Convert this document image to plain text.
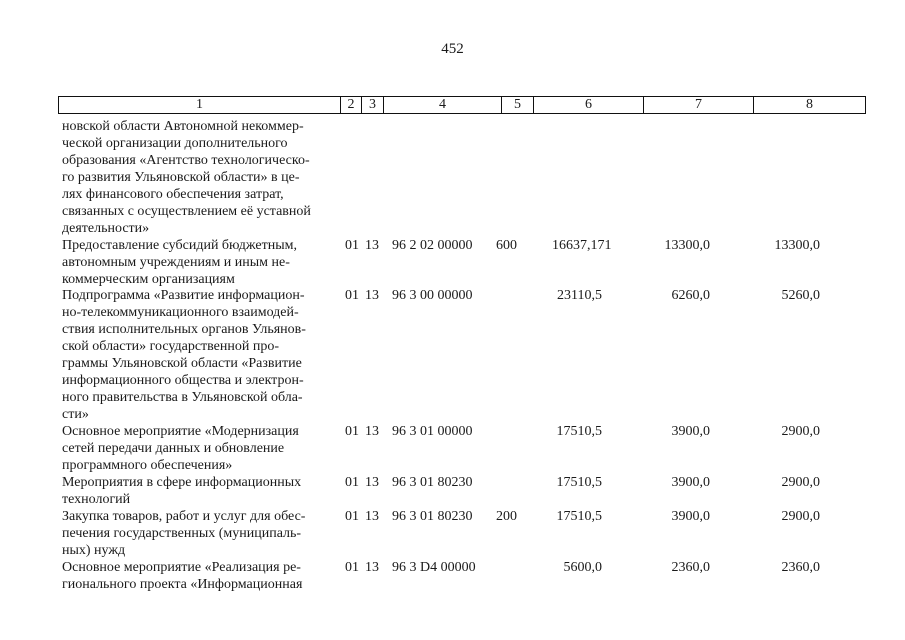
452
1	2	3	4	5	6	7	8
новской области Автономной некоммер-
ческой организации дополнительного
образования «Агентство технологическо-
го развития Ульяновской области» в це-
лях финансового обеспечения затрат,
связанных с осуществлением её уставной
деятельности»
Предоставление субсидий бюджетным,
автономным учреждениям и иным не-
коммерческим организациям
01 13 96 2 02 00000 600	16637,171	13300,0	13300,0
Подпрограмма «Развитие информацион-
но-телекоммуникационного взаимодей-
ствия исполнительных органов Ульянов-
ской области» государственной про-
граммы Ульяновской области «Развитие
информационного общества и электрон-
ного правительства в Ульяновской обла-
сти»
01 13 96 3 00 00000	23110,5	6260,0	5260,0
Основное мероприятие «Модернизация
сетей передачи данных и обновление
программного обеспечения»
01 13 96 3 01 00000	17510,5	3900,0	2900,0
Мероприятия в сфере информационных
технологий
01 13 96 3 01 80230	17510,5	3900,0	2900,0
Закупка товаров, работ и услуг для обес-
печения государственных (муниципаль-
ных) нужд
01 13 96 3 01 80230 200	17510,5	3900,0	2900,0
Основное мероприятие «Реализация ре-
гионального проекта «Информационная
01 13 96 3 D4 00000	5600,0	2360,0	2360,0
